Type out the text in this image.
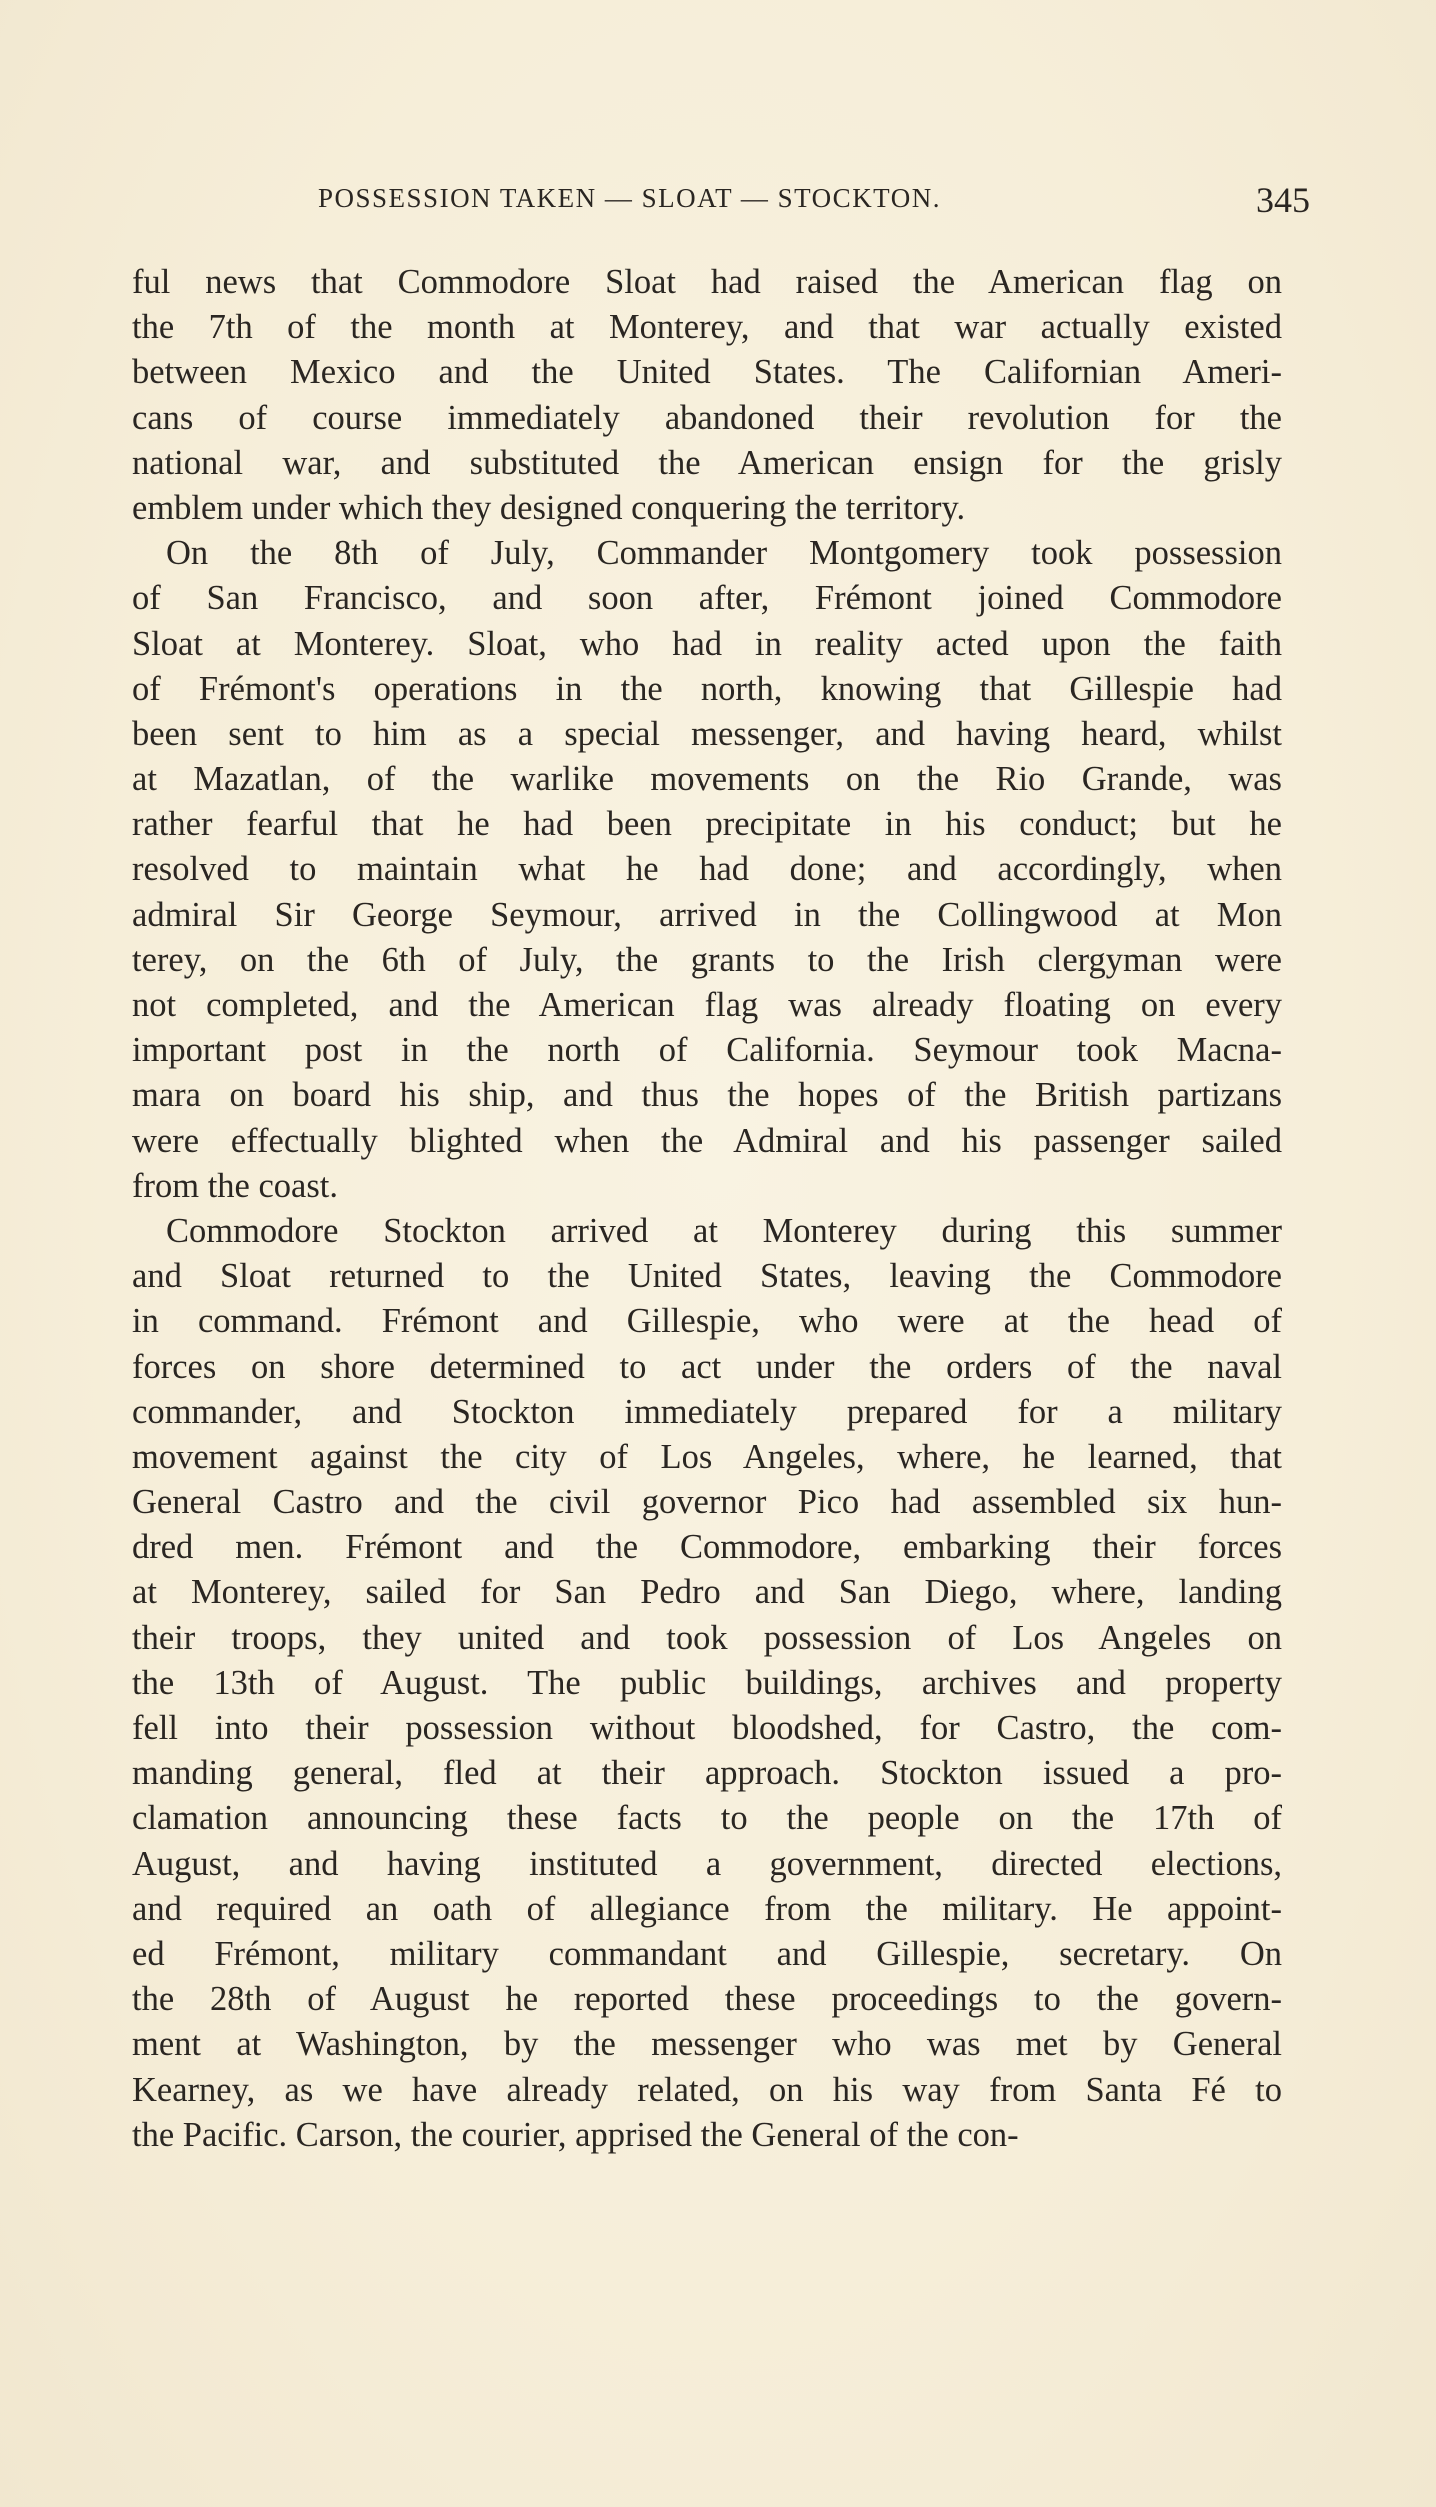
POSSESSION TAKEN — SLOAT — STOCKTON.	345
ful news that Commodore Sloat had raised the American flag on
the 7th of the month at Monterey, and that war actually existed
between Mexico and the United States. The Californian Ameri-
cans of course immediately abandoned their revolution for the
national war, and substituted the American ensign for the grisly
emblem under which they designed conquering the territory.
On the 8th of July, Commander Montgomery took possession
of San Francisco, and soon after, Frémont joined Commodore
Sloat at Monterey. Sloat, who had in reality acted upon the faith
of Frémont's operations in the north, knowing that Gillespie had
been sent to him as a special messenger, and having heard, whilst
at Mazatlan, of the warlike movements on the Rio Grande, was
rather fearful that he had been precipitate in his conduct; but he
resolved to maintain what he had done; and accordingly, when
admiral Sir George Seymour, arrived in the Collingwood at Mon
terey, on the 6th of July, the grants to the Irish clergyman were
not completed, and the American flag was already floating on every
important post in the north of California. Seymour took Macna-
mara on board his ship, and thus the hopes of the British partizans
were effectually blighted when the Admiral and his passenger sailed
from the coast.
Commodore Stockton arrived at Monterey during this summer
and Sloat returned to the United States, leaving the Commodore
in command. Frémont and Gillespie, who were at the head of
forces on shore determined to act under the orders of the naval
commander, and Stockton immediately prepared for a military
movement against the city of Los Angeles, where, he learned, that
General Castro and the civil governor Pico had assembled six hun-
dred men. Frémont and the Commodore, embarking their forces
at Monterey, sailed for San Pedro and San Diego, where, landing
their troops, they united and took possession of Los Angeles on
the 13th of August. The public buildings, archives and property
fell into their possession without bloodshed, for Castro, the com-
manding general, fled at their approach. Stockton issued a pro-
clamation announcing these facts to the people on the 17th of
August, and having instituted a government, directed elections,
and required an oath of allegiance from the military. He appoint-
ed Frémont, military commandant and Gillespie, secretary. On
the 28th of August he reported these proceedings to the govern-
ment at Washington, by the messenger who was met by General
Kearney, as we have already related, on his way from Santa Fé to
the Pacific. Carson, the courier, apprised the General of the con-
